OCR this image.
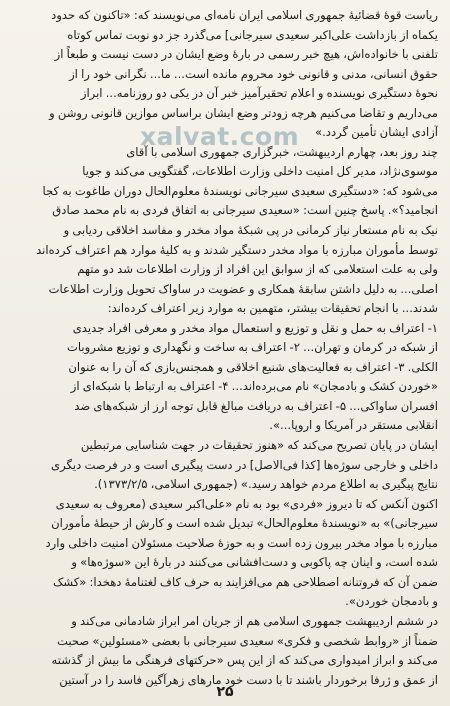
ریاست قوۀ قضائیۀ جمهوری اسلامی ایران نامه‌ای می‌نویسند که: «تاکنون که حدود
یکماه از بازداشت علی‌اکبر سعیدی سیرجانی] می‌گذرد جز دو نوبت تماس کوتاه
تلفنی با خانواده‌اش، هیچ خبر رسمی در بارۀ وضع ایشان در دست نیست و طبعاً از
حقوق انسانی، مدنی و قانونی خود محروم مانده است... ما... نگرانی خود را از
نحوۀ دستگیری نویسنده و اعلام تحقیرآمیز خبر آن در یکی دو روزنامه... ابراز
می‌داریم و تقاضا می‌کنیم هرچه زودتر وضع ایشان براساس موازین قانونی روشن و
آزادی ایشان تأمین گردد.»
چند روز بعد، چهارم اردیبهشت، خبرگزاری جمهوری اسلامی با آقای
موسوی‌نژاد، مدیر کل امنیت داخلی وزارت اطلاعات، گفتگویی می‌کند و جویا
می‌شود که: «دستگیری سعیدی سیرجانی نویسندۀ معلوم‌الحال دوران طاغوت به کجا
انجامید؟». پاسخ چنین است: «سعیدی سیرجانی به اتفاق فردی به نام محمد صادق
نیک به نام مستعار نیاز کرمانی در پی شبکۀ مواد مخدر و مفاسد اخلاقی ردیابی و
توسط مأموران مبارزه با مواد مخدر دستگیر شدند و به کلیۀ موارد هم اعتراف کرده‌اند
ولی به علت استعلامی که از سوابق این افراد از وزارت اطلاعات شد دو متهم
اصلی... به دلیل داشتن سابقۀ همکاری و عضویت در ساواک تحویل وزارت اطلاعات
شدند... با انجام تحقیقات بیشتر، متهمین به موارد زیر اعتراف کرده‌اند:
۱- اعتراف به حمل و نقل و توزیع و استعمال مواد مخدر و معرفی افراد جدیدی
از شبکه در کرمان و تهران... ۲- اعتراف به ساخت و نگهداری و توزیع مشروبات
الکلی. ۳- اعتراف به فعالیت‌های شنیع اخلاقی و همجنس‌بازی که آن را به عنوان
«خوردن کشک و بادمجان» نام می‌برده‌اند... ۴- اعتراف به ارتباط با شبکه‌ای از
افسران ساواکی... ۵- اعتراف به دریافت مبالغ قابل توجه ارز از شبکه‌های ضد
انقلابی مستقر در آمریکا و اروپا...».
ایشان در پایان تصریح می‌کند که «هنوز تحقیقات در جهت شناسایی مرتبطین
داخلی و خارجی سوژه‌ها [کذا فی‌الاصل] در دست پیگیری است و در فرصت دیگری
نتایج پیگیری به اطلاع مردم خواهد رسید.» (جمهوری اسلامی، ۱۳۷۳/۲/۵).
اکنون آنکس که تا دیروز «فردی» بود به نام «علی‌اکبر سعیدی (معروف به سعیدی
سیرجانی)» به «نویسندۀ معلوم‌الحال» تبدیل شده است و کارش از حیطۀ مأموران
مبارزه با مواد مخدر بیرون زده است و به حوزۀ صلاحیت مسئولان امنیت داخلی وارد
شده است، و اینان چه پاکوبی و دست‌افشانی می‌کنند در بارۀ این «سوژه‌ها» و
ضمن آن که فروتنانه اصطلاحی هم می‌افزایند به حرف کاف لغتنامۀ دهخدا: «کشک
و بادمجان خوردن».
در ششم اردیبهشت جمهوری اسلامی هم از جریان امر ابراز شادمانی می‌کند و
ضمناً از «روابط شخصی و فکری» سعیدی سیرجانی با بعضی «مسئولین» صحبت
می‌کند و ابراز امیدواری می‌کند که از این پس «حرکتهای فرهنگی ما بیش از گذشته
از عمق و ژرفا برخوردار باشند تا با دست خود مارهای زهرآگین فاسد را در آستین
xalvat.com
۲۵
